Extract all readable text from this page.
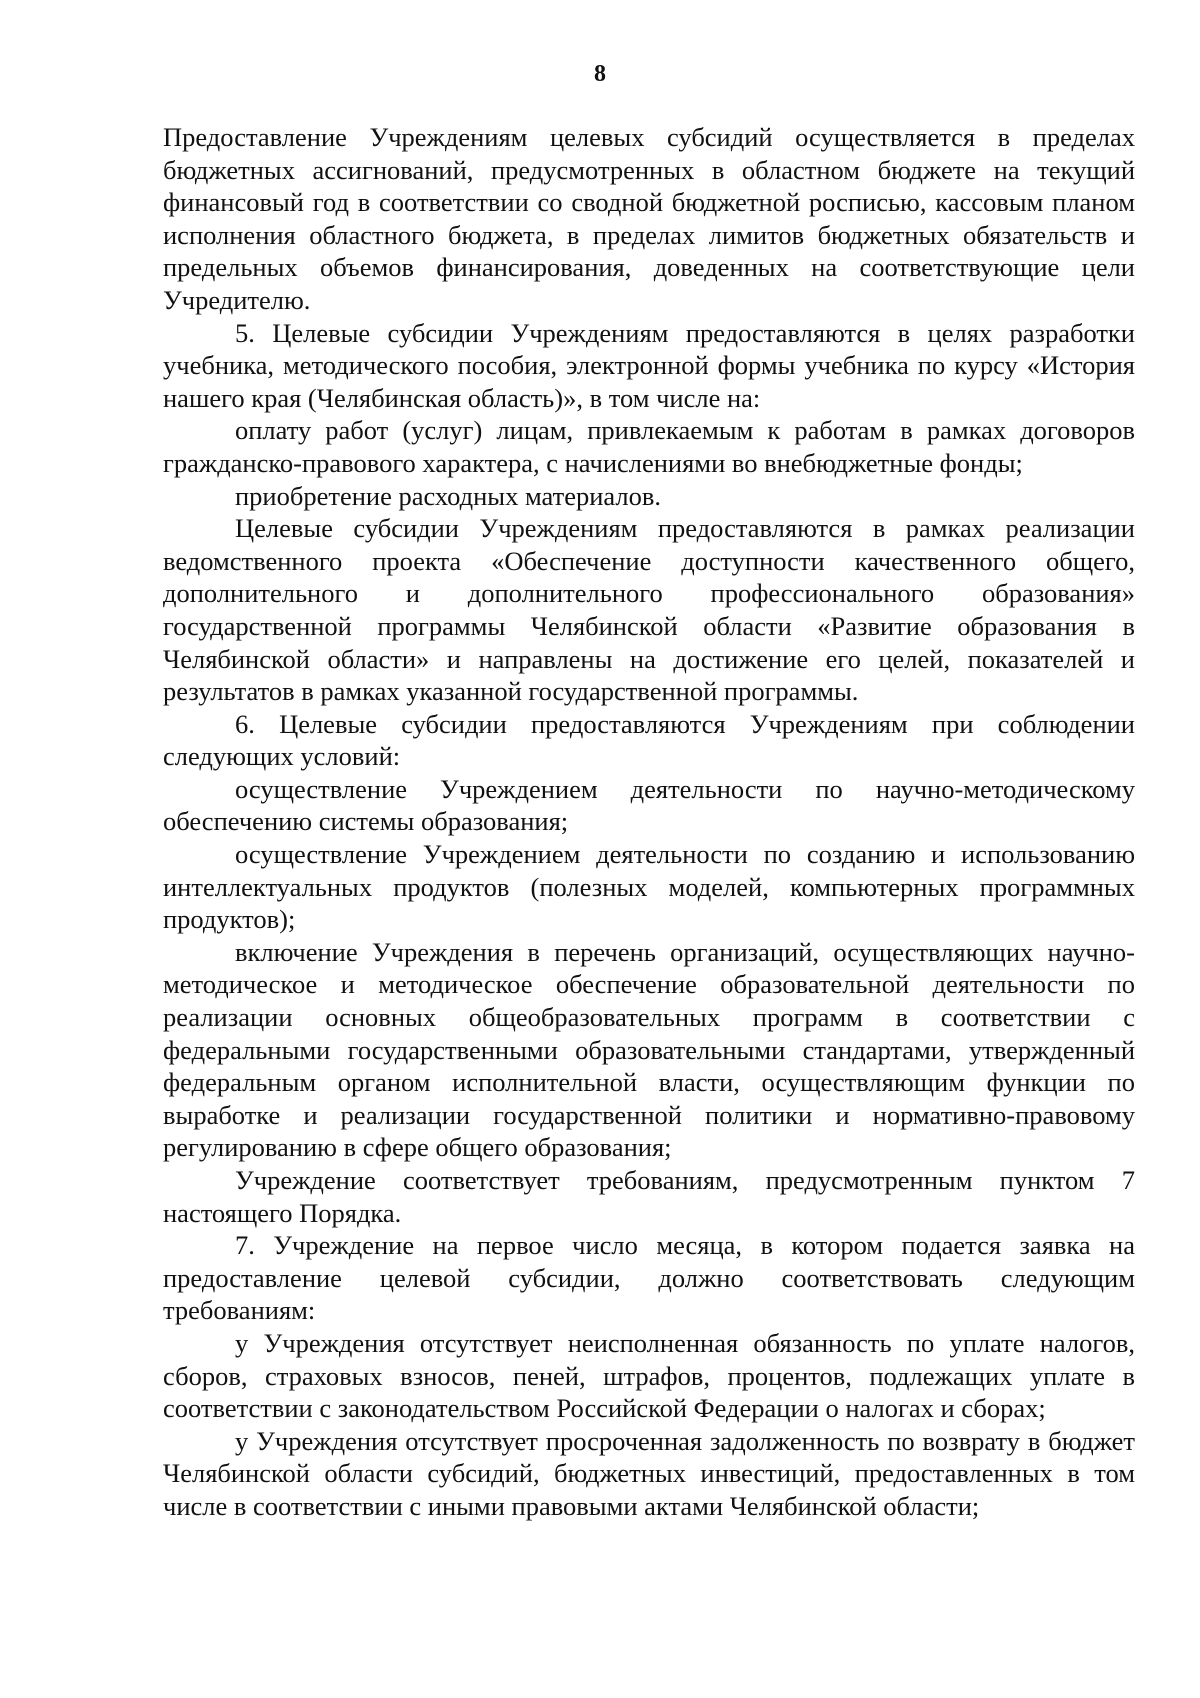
8

Предоставление Учреждениям целевых субсидий осуществляется в пределах бюджетных ассигнований, предусмотренных в областном бюджете на текущий финансовый год в соответствии со сводной бюджетной росписью, кассовым планом исполнения областного бюджета, в пределах лимитов бюджетных обязательств и предельных объемов финансирования, доведенных на соответствующие цели Учредителю.

5. Целевые субсидии Учреждениям предоставляются в целях разработки учебника, методического пособия, электронной формы учебника по курсу «История нашего края (Челябинская область)», в том числе на:

оплату работ (услуг) лицам, привлекаемым к работам в рамках договоров гражданско-правового характера, с начислениями во внебюджетные фонды;

приобретение расходных материалов.

Целевые субсидии Учреждениям предоставляются в рамках реализации ведомственного проекта «Обеспечение доступности качественного общего, дополнительного и дополнительного профессионального образования» государственной программы Челябинской области «Развитие образования в Челябинской области» и направлены на достижение его целей, показателей и результатов в рамках указанной государственной программы.

6. Целевые субсидии предоставляются Учреждениям при соблюдении следующих условий:

осуществление Учреждением деятельности по научно-методическому обеспечению системы образования;

осуществление Учреждением деятельности по созданию и использованию интеллектуальных продуктов (полезных моделей, компьютерных программных продуктов);

включение Учреждения в перечень организаций, осуществляющих научно-методическое и методическое обеспечение образовательной деятельности по реализации основных общеобразовательных программ в соответствии с федеральными государственными образовательными стандартами, утвержденный федеральным органом исполнительной власти, осуществляющим функции по выработке и реализации государственной политики и нормативно-правовому регулированию в сфере общего образования;

Учреждение соответствует требованиям, предусмотренным пунктом 7 настоящего Порядка.

7. Учреждение на первое число месяца, в котором подается заявка на предоставление целевой субсидии, должно соответствовать следующим требованиям:

у Учреждения отсутствует неисполненная обязанность по уплате налогов, сборов, страховых взносов, пеней, штрафов, процентов, подлежащих уплате в соответствии с законодательством Российской Федерации о налогах и сборах;

у Учреждения отсутствует просроченная задолженность по возврату в бюджет Челябинской области субсидий, бюджетных инвестиций, предоставленных в том числе в соответствии с иными правовыми актами Челябинской области;
